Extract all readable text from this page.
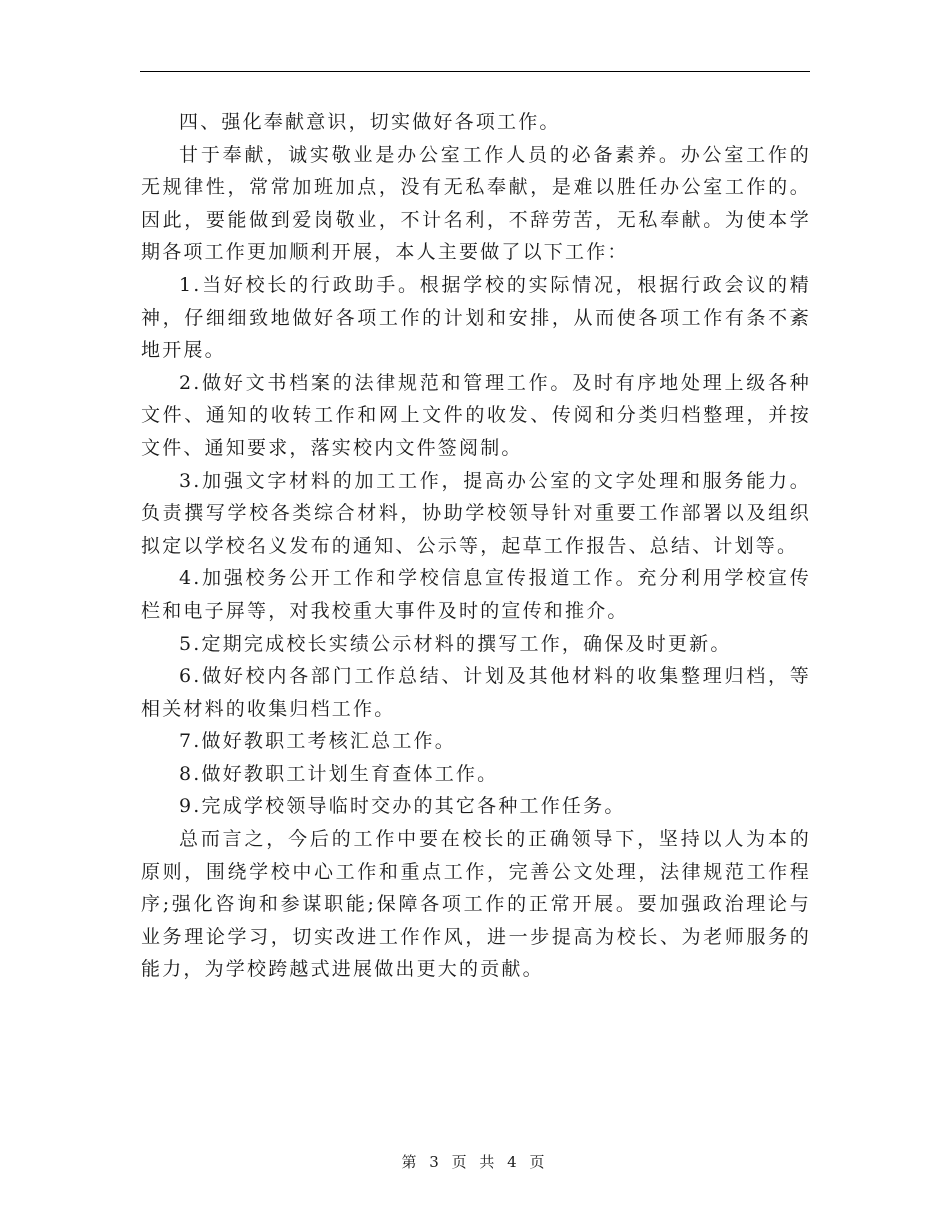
四、强化奉献意识，切实做好各项工作。

甘于奉献，诚实敬业是办公室工作人员的必备素养。办公室工作的无规律性，常常加班加点，没有无私奉献，是难以胜任办公室工作的。因此，要能做到爱岗敬业，不计名利，不辞劳苦，无私奉献。为使本学期各项工作更加顺利开展，本人主要做了以下工作：

1.当好校长的行政助手。根据学校的实际情况，根据行政会议的精神，仔细细致地做好各项工作的计划和安排，从而使各项工作有条不紊地开展。

2.做好文书档案的法律规范和管理工作。及时有序地处理上级各种文件、通知的收转工作和网上文件的收发、传阅和分类归档整理，并按文件、通知要求，落实校内文件签阅制。

3.加强文字材料的加工工作，提高办公室的文字处理和服务能力。负责撰写学校各类综合材料，协助学校领导针对重要工作部署以及组织拟定以学校名义发布的通知、公示等，起草工作报告、总结、计划等。

4.加强校务公开工作和学校信息宣传报道工作。充分利用学校宣传栏和电子屏等，对我校重大事件及时的宣传和推介。

5.定期完成校长实绩公示材料的撰写工作，确保及时更新。

6.做好校内各部门工作总结、计划及其他材料的收集整理归档，等相关材料的收集归档工作。

7.做好教职工考核汇总工作。

8.做好教职工计划生育查体工作。

9.完成学校领导临时交办的其它各种工作任务。

总而言之，今后的工作中要在校长的正确领导下，坚持以人为本的原则，围绕学校中心工作和重点工作，完善公文处理，法律规范工作程序;强化咨询和参谋职能;保障各项工作的正常开展。要加强政治理论与业务理论学习，切实改进工作作风，进一步提高为校长、为老师服务的能力，为学校跨越式进展做出更大的贡献。

第 3 页 共 4 页
